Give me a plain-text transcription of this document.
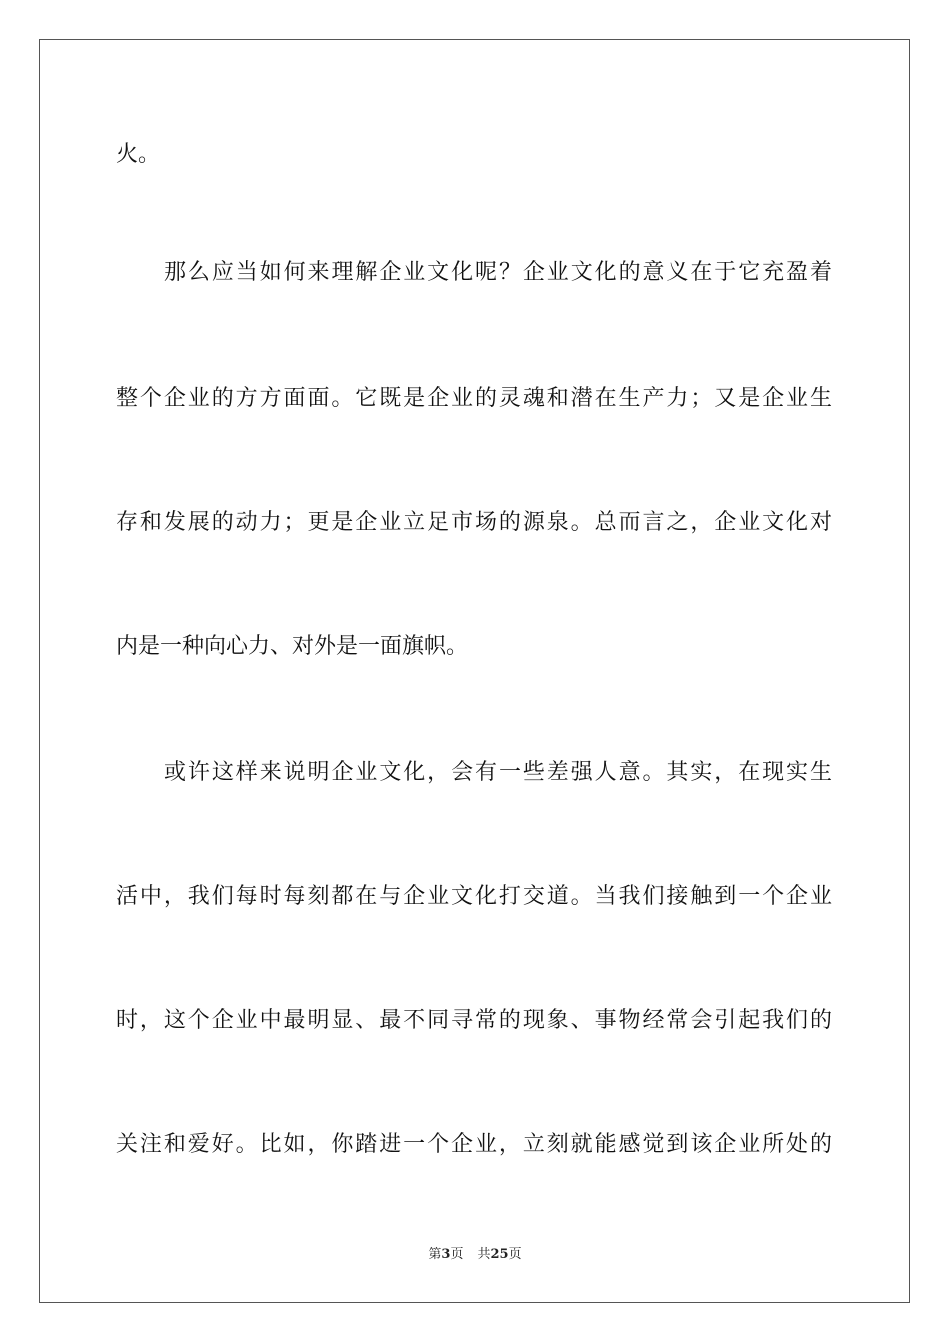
火。
那么应当如何来理解企业文化呢？企业文化的意义在于它充盈着
整个企业的方方面面。它既是企业的灵魂和潜在生产力；又是企业生
存和发展的动力；更是企业立足市场的源泉。总而言之，企业文化对
内是一种向心力、对外是一面旗帜。
或许这样来说明企业文化，会有一些差强人意。其实，在现实生
活中，我们每时每刻都在与企业文化打交道。当我们接触到一个企业
时，这个企业中最明显、最不同寻常的现象、事物经常会引起我们的
关注和爱好。比如，你踏进一个企业，立刻就能感觉到该企业所处的
第3页 共25页
